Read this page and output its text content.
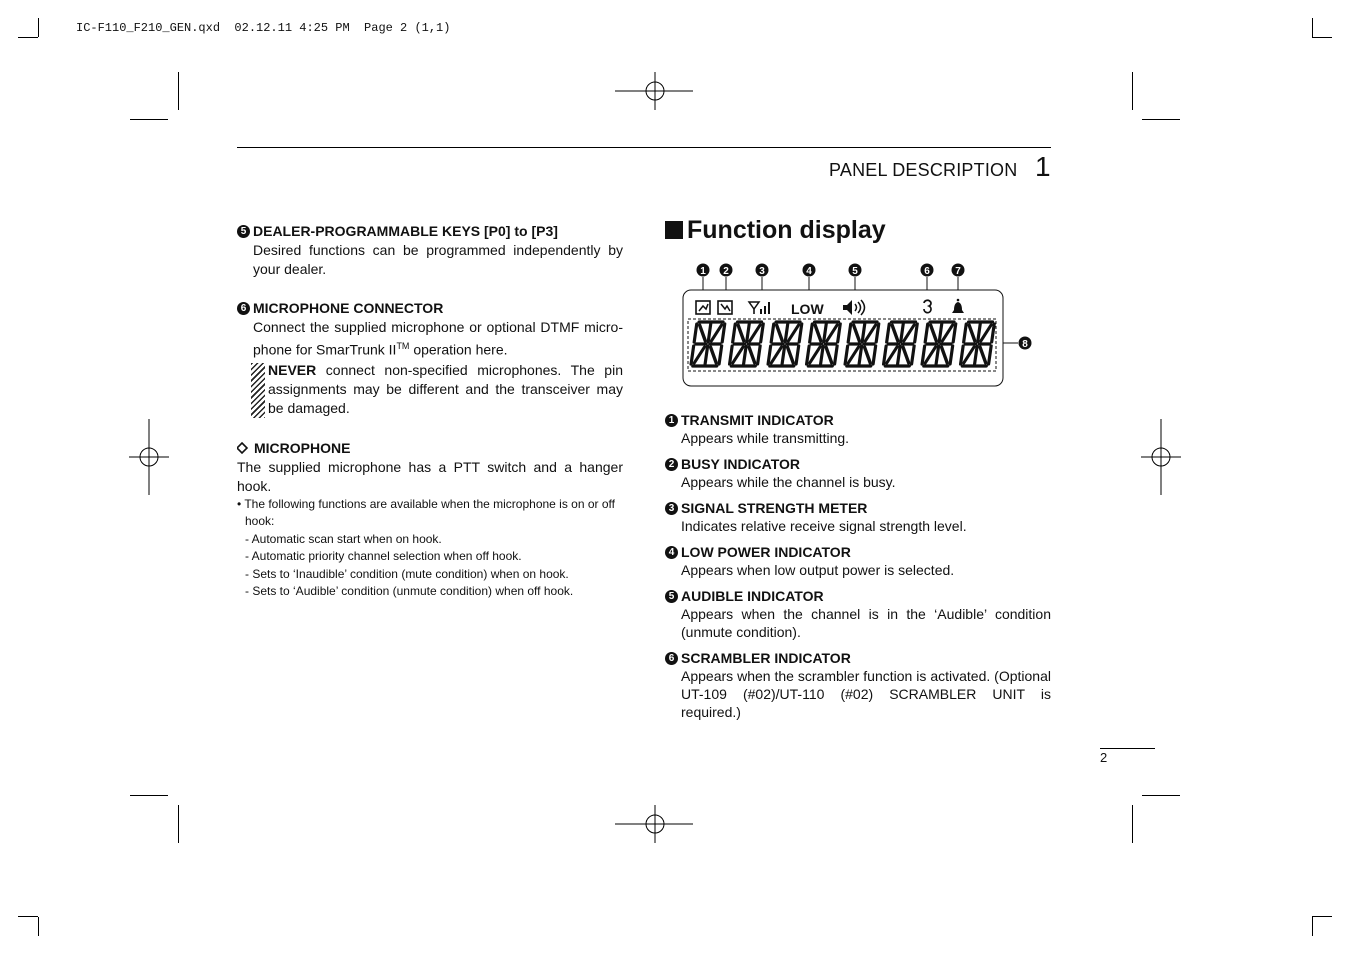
IC-F110_F210_GEN.qxd  02.12.11 4:25 PM  Page 2 (1,1)
PANEL DESCRIPTION 1
2
5 DEALER-PROGRAMMABLE KEYS [P0] to [P3]
Desired functions can be programmed independently by your dealer.
6 MICROPHONE CONNECTOR
Connect the supplied microphone or optional DTMF micro-phone for SmarTrunk II™ operation here.
NEVER connect non-specified microphones. The pin assignments may be different and the transceiver may be damaged.
MICROPHONE
The supplied microphone has a PTT switch and a hanger hook.
• The following functions are available when the microphone is on or off hook:
- Automatic scan start when on hook.
- Automatic priority channel selection when off hook.
- Sets to ‘Inaudible’ condition (mute condition) when on hook.
- Sets to ‘Audible’ condition (unmute condition) when off hook.
Function display
1 2	3	4	5	6	7
8
LOW
1 TRANSMIT INDICATOR
Appears while transmitting.
2 BUSY INDICATOR
Appears while the channel is busy.
3 SIGNAL STRENGTH METER
Indicates relative receive signal strength level.
4 LOW POWER INDICATOR
Appears when low output power is selected.
5 AUDIBLE INDICATOR
Appears when the channel is in the ‘Audible’ condition (unmute condition).
6 SCRAMBLER INDICATOR
Appears when the scrambler function is activated. (Optional UT-109 (#02)/UT-110 (#02) SCRAMBLER UNIT is required.)
